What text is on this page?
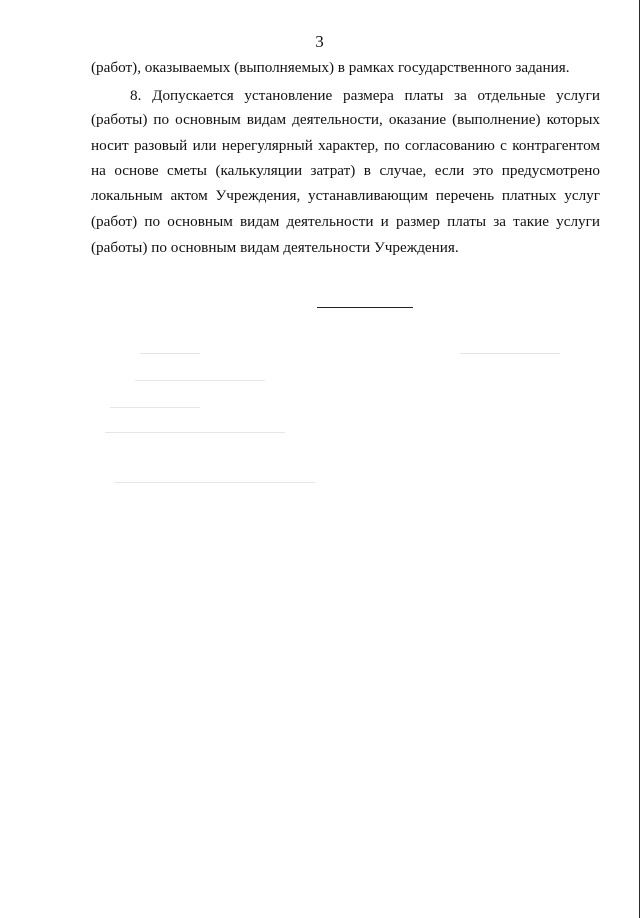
3
(работ), оказываемых (выполняемых) в рамках государственного задания.
8. Допускается установление размера платы за отдельные услуги
(работы) по основным видам деятельности, оказание (выполнение) которых
носит разовый или нерегулярный характер, по согласованию с контрагентом
на основе сметы (калькуляции затрат) в случае, если это предусмотрено
локальным актом Учреждения, устанавливающим перечень платных услуг
(работ) по основным видам деятельности и размер платы за такие услуги
(работы) по основным видам деятельности Учреждения.
